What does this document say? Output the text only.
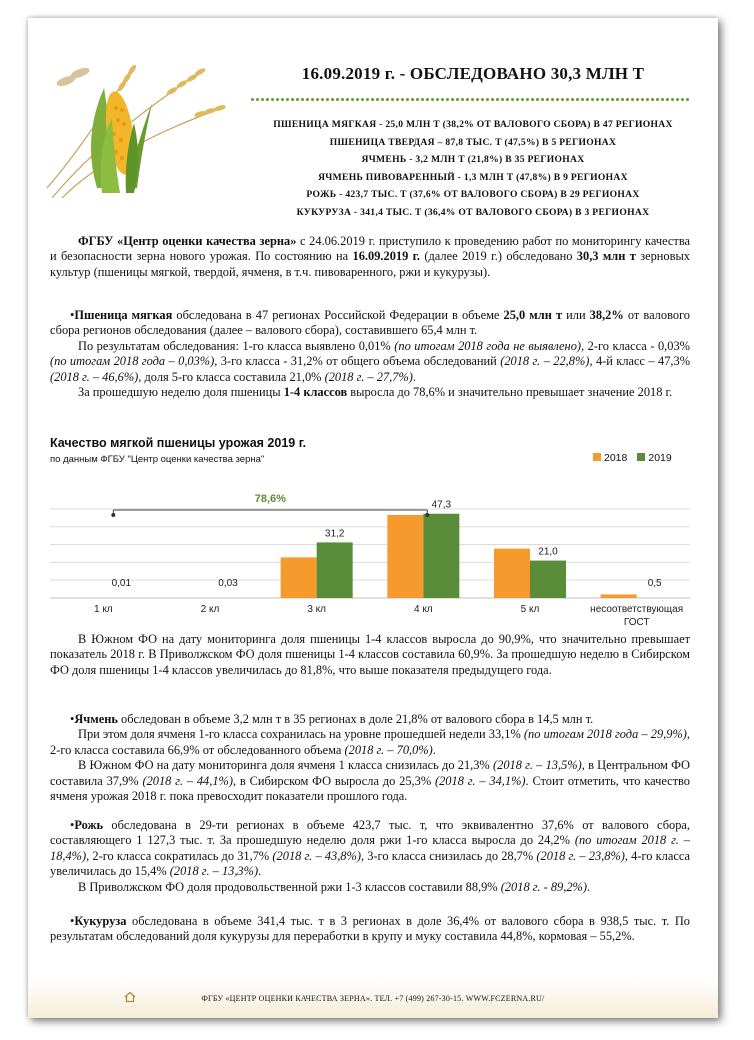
16.09.2019 г. - ОБСЛЕДОВАНО 30,3 МЛН Т
ПШЕНИЦА МЯГКАЯ - 25,0 МЛН Т (38,2% ОТ ВАЛОВОГО СБОРА) В 47 РЕГИОНАХ
ПШЕНИЦА ТВЕРДАЯ – 87,8 ТЫС. Т (47,5%) В 5 РЕГИОНАХ
ЯЧМЕНЬ - 3,2 МЛН Т (21,8%) В 35 РЕГИОНАХ
ЯЧМЕНЬ ПИВОВАРЕННЫЙ - 1,3 МЛН Т (47,8%) В 9 РЕГИОНАХ
РОЖЬ - 423,7 ТЫС. Т (37,6% ОТ ВАЛОВОГО СБОРА) В 29 РЕГИОНАХ
КУКУРУЗА - 341,4 ТЫС. Т (36,4% ОТ ВАЛОВОГО СБОРА) В 3 РЕГИОНАХ

ФГБУ «Центр оценки качества зерна» с 24.06.2019 г. приступило к проведению работ по мониторингу качества и безопасности зерна нового урожая. По состоянию на 16.09.2019 г. (далее 2019 г.) обследовано 30,3 млн т зерновых культур (пшеницы мягкой, твердой, ячменя, в т.ч. пивоваренного, ржи и кукурузы).

•Пшеница мягкая обследована в 47 регионах Российской Федерации в объеме 25,0 млн т или 38,2% от валового сбора регионов обследования (далее – валового сбора), составившего 65,4 млн т.

По результатам обследования: 1-го класса выявлено 0,01% (по итогам 2018 года не выявлено), 2-го класса - 0,03% (по итогам 2018 года – 0,03%), 3-го класса - 31,2% от общего объема обследований (2018 г. – 22,8%), 4-й класс – 47,3% (2018 г. – 46,6%), доля 5-го класса составила 21,0% (2018 г. – 27,7%).

За прошедшую неделю доля пшеницы 1-4 классов выросла до 78,6% и значительно превышает значение 2018 г.

Качество мягкой пшеницы урожая 2019 г.
по данным ФГБУ "Центр оценки качества зерна"	2018	2019
0,01
1 кл
0,03
2 кл
31,2
3 кл
47,3
4 кл
21,0
5 кл
0,5
несоответствующая
ГОСТ
78,6%

В Южном ФО на дату мониторинга доля пшеницы 1-4 классов выросла до 90,9%, что значительно превышает показатель 2018 г. В Приволжском ФО доля пшеницы 1-4 классов составила 60,9%. За прошедшую неделю в Сибирском ФО доля пшеницы 1-4 классов увеличилась до 81,8%, что выше показателя предыдущего года.

•Ячмень обследован в объеме 3,2 млн т в 35 регионах в доле 21,8% от валового сбора в 14,5 млн т.

При этом доля ячменя 1-го класса сохранилась на уровне прошедшей недели 33,1% (по итогам 2018 года – 29,9%), 2-го класса составила 66,9% от обследованного объема (2018 г. – 70,0%).

В Южном ФО на дату мониторинга доля ячменя 1 класса снизилась до 21,3% (2018 г. – 13,5%), в Центральном ФО составила 37,9% (2018 г. – 44,1%), в Сибирском ФО выросла до 25,3% (2018 г. – 34,1%). Стоит отметить, что качество ячменя урожая 2018 г. пока превосходит показатели прошлого года.

•Рожь обследована в 29-ти регионах в объеме 423,7 тыс. т, что эквивалентно 37,6% от валового сбора, составляющего 1 127,3 тыс. т. За прошедшую неделю доля ржи 1-го класса выросла до 24,2% (по итогам 2018 г. – 18,4%), 2-го класса сократилась до 31,7% (2018 г. – 43,8%), 3-го класса снизилась до 28,7% (2018 г. – 23,8%), 4-го класса увеличилась до 15,4% (2018 г. – 13,3%).

В Приволжском ФО доля продовольственной ржи 1-3 классов составили 88,9% (2018 г. - 89,2%).

•Кукуруза обследована в объеме 341,4 тыс. т в 3 регионах в доле 36,4% от валового сбора в 938,5 тыс. т. По результатам обследований доля кукурузы для переработки в крупу и муку составила 44,8%, кормовая – 55,2%.

ФГБУ «ЦЕНТР ОЦЕНКИ КАЧЕСТВА ЗЕРНА». ТЕЛ. +7 (499) 267-30-15. WWW.FCZERNA.RU/
